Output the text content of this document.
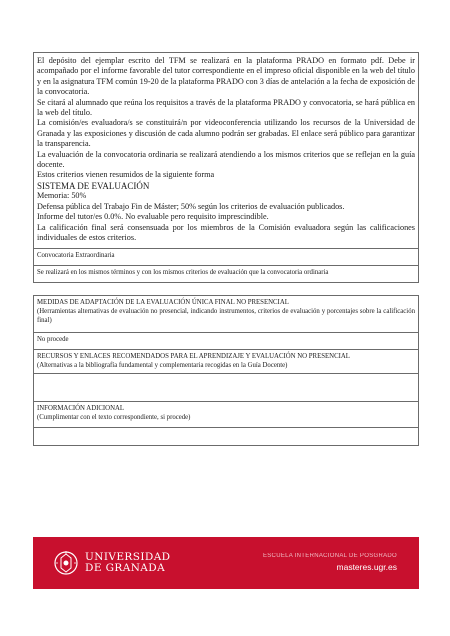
El depósito del ejemplar escrito del TFM se realizará en la plataforma PRADO en formato pdf. Debe ir acompañado por el informe favorable del tutor correspondiente en el impreso oficial disponible en la web del título y en la asignatura TFM común 19-20 de la plataforma PRADO con 3 días de antelación a la fecha de exposición de la convocatoria.

Se citará al alumnado que reúna los requisitos a través de la plataforma PRADO y convocatoria, se hará pública en la web del título.

La comisión/es evaluadora/s se constituirá/n por videoconferencia utilizando los recursos de la Universidad de Granada y las exposiciones y discusión de cada alumno podrán ser grabadas. El enlace será público para garantizar la transparencia.

La evaluación de la convocatoria ordinaria se realizará atendiendo a los mismos criterios que se reflejan en la guía docente.

Estos criterios vienen resumidos de la siguiente forma

SISTEMA DE EVALUACIÓN

Memoria: 50%

Defensa pública del Trabajo Fin de Máster; 50% según los criterios de evaluación publicados.

Informe del tutor/es 0.0%. No evaluable pero requisito imprescindible.

La calificación final será consensuada por los miembros de la Comisión evaluadora según las calificaciones individuales de estos criterios.

Convocatoria Extraordinaria

Se realizará en los mismos términos y con los mismos criterios de evaluación que la convocatoria ordinaria

MEDIDAS DE ADAPTACIÓN DE LA EVALUACIÓN ÚNICA FINAL NO PRESENCIAL

(Herramientas alternativas de evaluación no presencial, indicando instrumentos, criterios de evaluación y porcentajes sobre la calificación final)

No procede

RECURSOS Y ENLACES RECOMENDADOS PARA EL APRENDIZAJE Y EVALUACIÓN NO PRESENCIAL

(Alternativas a la bibliografía fundamental y complementaria recogidas en la Guía Docente)

INFORMACIÓN ADICIONAL

(Cumplimentar con el texto correspondiente, si procede)

UNIVERSIDAD
DE GRANADA
ESCUELA INTERNACIONAL DE POSGRADO
masteres.ugr.es
